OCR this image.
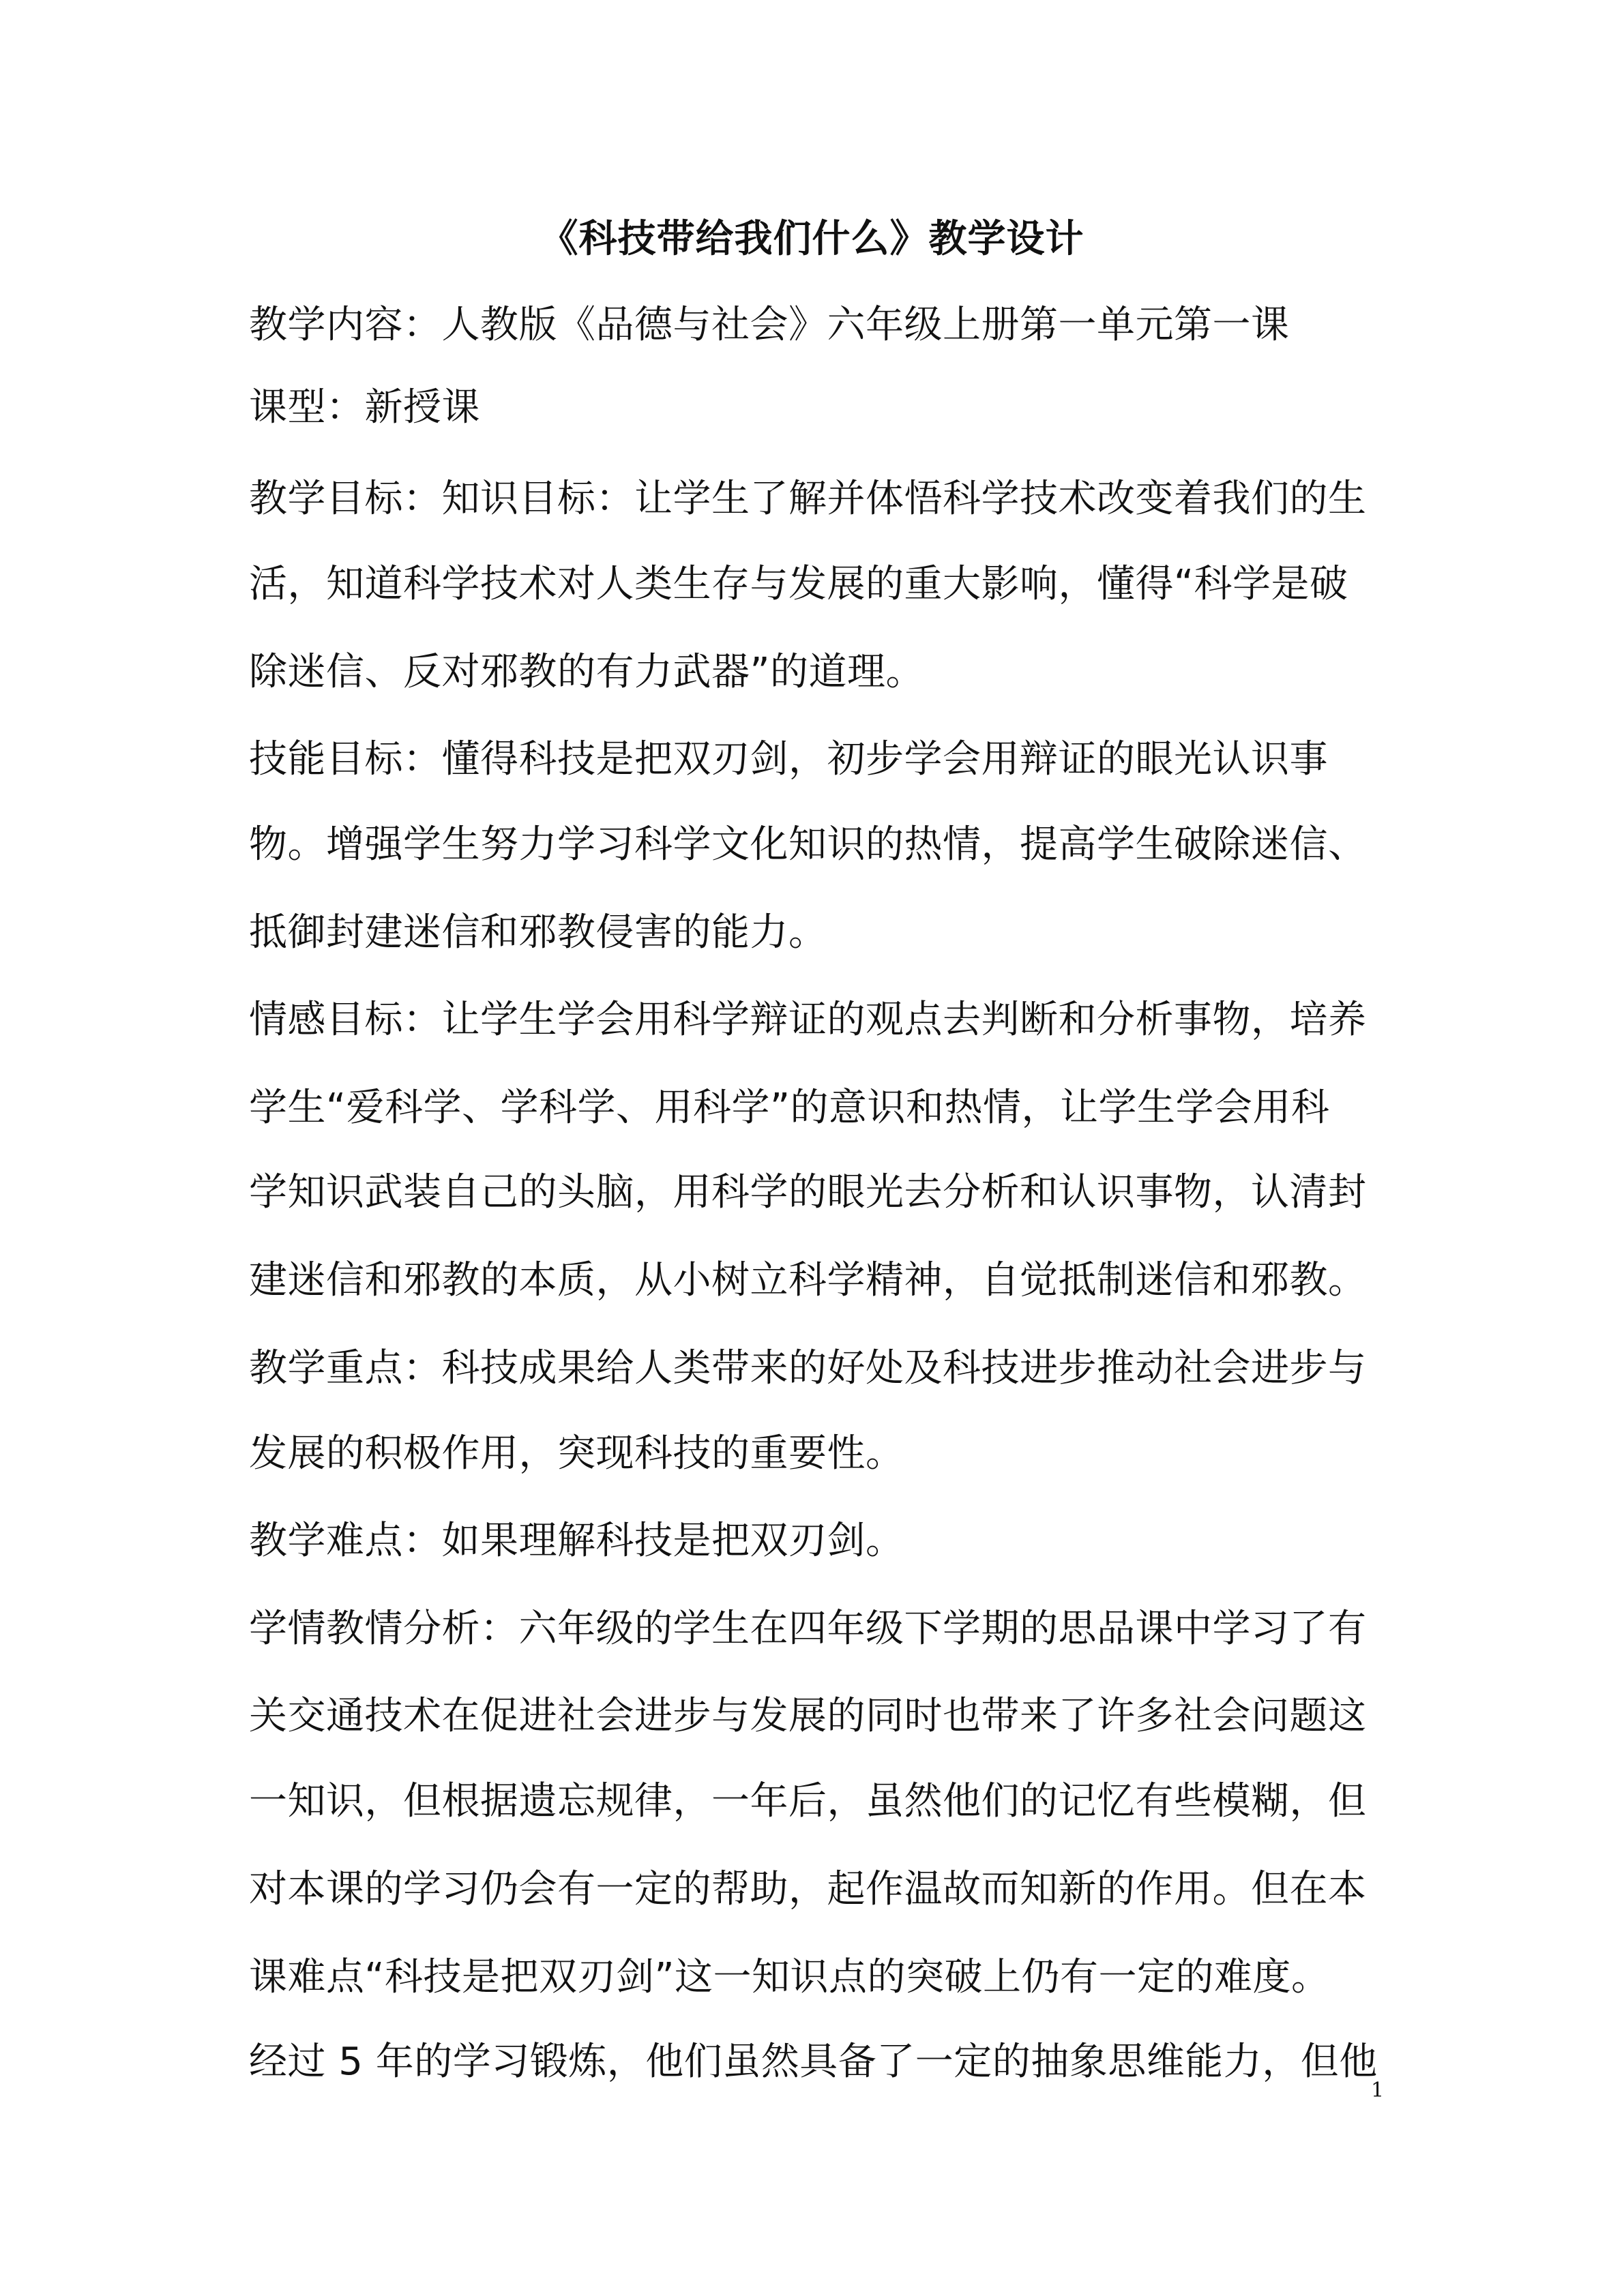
《科技带给我们什么》教学设计
教学内容：人教版《品德与社会》六年级上册第一单元第一课
课型：新授课
教学目标：知识目标：让学生了解并体悟科学技术改变着我们的生
活，知道科学技术对人类生存与发展的重大影响，懂得“科学是破
除迷信、反对邪教的有力武器”的道理。
技能目标：懂得科技是把双刃剑，初步学会用辩证的眼光认识事
物。增强学生努力学习科学文化知识的热情，提高学生破除迷信、
抵御封建迷信和邪教侵害的能力。
情感目标：让学生学会用科学辩证的观点去判断和分析事物，培养
学生“爱科学、学科学、用科学”的意识和热情，让学生学会用科
学知识武装自己的头脑，用科学的眼光去分析和认识事物，认清封
建迷信和邪教的本质，从小树立科学精神，自觉抵制迷信和邪教。
教学重点：科技成果给人类带来的好处及科技进步推动社会进步与
发展的积极作用，突现科技的重要性。
教学难点：如果理解科技是把双刃剑。
学情教情分析：六年级的学生在四年级下学期的思品课中学习了有
关交通技术在促进社会进步与发展的同时也带来了许多社会问题这
一知识，但根据遗忘规律，一年后，虽然他们的记忆有些模糊，但
对本课的学习仍会有一定的帮助，起作温故而知新的作用。但在本
课难点“科技是把双刃剑”这一知识点的突破上仍有一定的难度。
经过 5 年的学习锻炼，他们虽然具备了一定的抽象思维能力，但他
1
